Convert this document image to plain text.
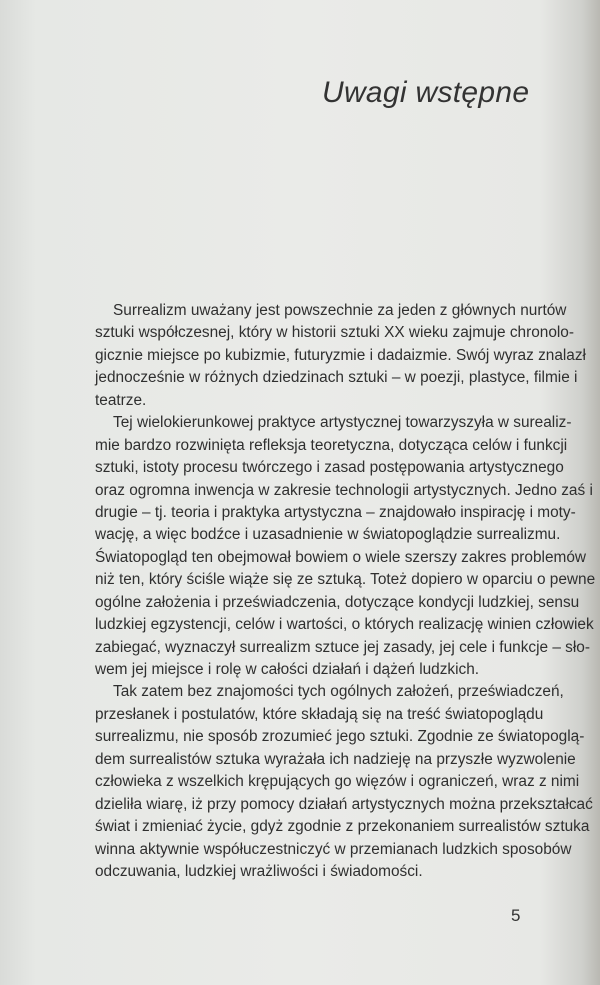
Uwagi wstępne
Surrealizm uważany jest powszechnie za jeden z głównych nurtów
sztuki współczesnej, który w historii sztuki XX wieku zajmuje chronolo-
gicznie miejsce po kubizmie, futuryzmie i dadaizmie. Swój wyraz znalazł
jednocześnie w różnych dziedzinach sztuki – w poezji, plastyce, filmie i
teatrze.
Tej wielokierunkowej praktyce artystycznej towarzyszyła w surealiz-
mie bardzo rozwinięta refleksja teoretyczna, dotycząca celów i funkcji
sztuki, istoty procesu twórczego i zasad postępowania artystycznego
oraz ogromna inwencja w zakresie technologii artystycznych. Jedno zaś i
drugie – tj. teoria i praktyka artystyczna – znajdowało inspirację i moty-
wację, a więc bodźce i uzasadnienie w światopoglądzie surrealizmu.
Światopogląd ten obejmował bowiem o wiele szerszy zakres problemów
niż ten, który ściśle wiąże się ze sztuką. Toteż dopiero w oparciu o pewne
ogólne założenia i przeświadczenia, dotyczące kondycji ludzkiej, sensu
ludzkiej egzystencji, celów i wartości, o których realizację winien człowiek
zabiegać, wyznaczył surrealizm sztuce jej zasady, jej cele i funkcje – sło-
wem jej miejsce i rolę w całości działań i dążeń ludzkich.
Tak zatem bez znajomości tych ogólnych założeń, przeświadczeń,
przesłanek i postulatów, które składają się na treść światopoglądu
surrealizmu, nie sposób zrozumieć jego sztuki. Zgodnie ze światopoglą-
dem surrealistów sztuka wyrażała ich nadzieję na przyszłe wyzwolenie
człowieka z wszelkich krępujących go więzów i ograniczeń, wraz z nimi
dzieliła wiarę, iż przy pomocy działań artystycznych można przekształcać
świat i zmieniać życie, gdyż zgodnie z przekonaniem surrealistów sztuka
winna aktywnie współuczestniczyć w przemianach ludzkich sposobów
odczuwania, ludzkiej wrażliwości i świadomości.
5
